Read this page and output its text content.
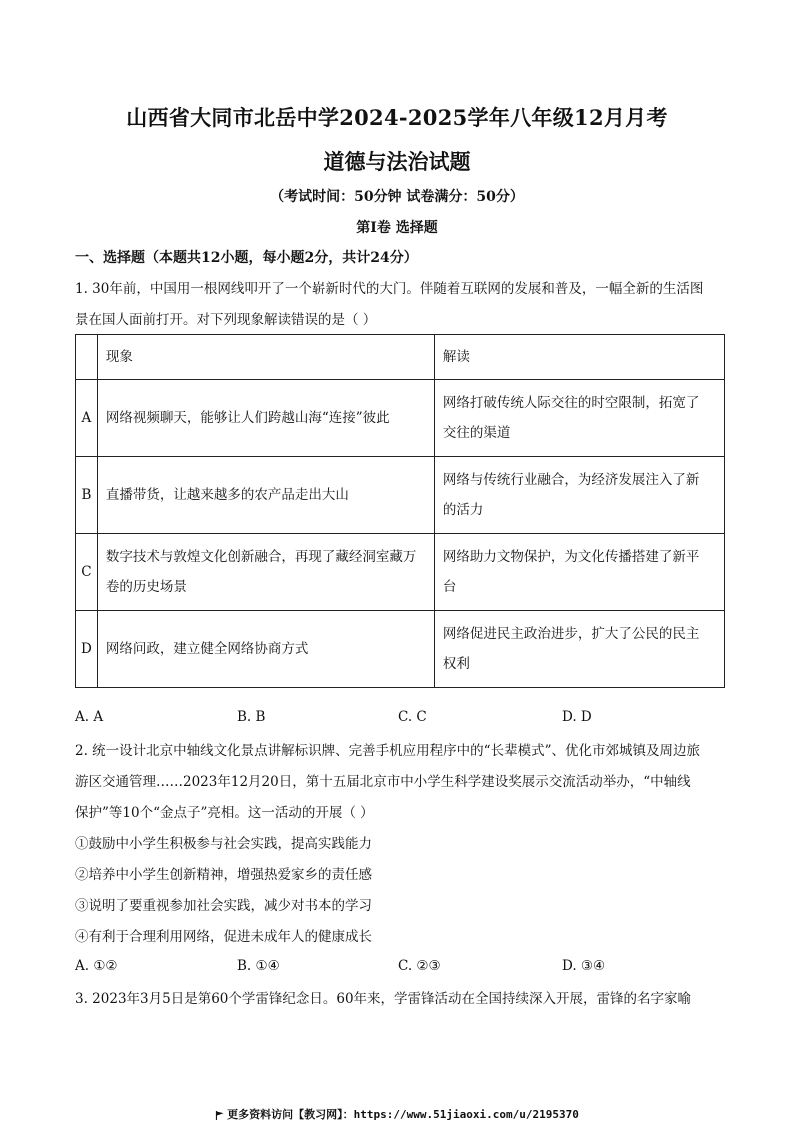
山西省大同市北岳中学2024-2025学年八年级12月月考
道德与法治试题
（考试时间：50分钟 试卷满分：50分）
第Ⅰ卷 选择题
一、选择题（本题共12小题，每小题2分，共计24分）
1. 30年前，中国用一根网线叩开了一个崭新时代的大门。伴随着互联网的发展和普及，一幅全新的生活图
景在国人面前打开。对下列现象解读错误的是（ ）
	现象	解读
A	网络视频聊天，能够让人们跨越山海“连接”彼此	网络打破传统人际交往的时空限制，拓宽了
交往的渠道
B	直播带货，让越来越多的农产品走出大山	网络与传统行业融合，为经济发展注入了新
的活力
C	数字技术与敦煌文化创新融合，再现了藏经洞室藏万
卷的历史场景	网络助力文物保护，为文化传播搭建了新平
台
D	网络问政，建立健全网络协商方式	网络促进民主政治进步，扩大了公民的民主
权利
A. A	B. B	C. C	D. D
2. 统一设计北京中轴线文化景点讲解标识牌、完善手机应用程序中的“长辈模式”、优化市郊城镇及周边旅
游区交通管理……2023年12月20日，第十五届北京市中小学生科学建设奖展示交流活动举办，“中轴线
保护”等10个“金点子”亮相。这一活动的开展（ ）
①鼓励中小学生积极参与社会实践，提高实践能力
②培养中小学生创新精神，增强热爱家乡的责任感
③说明了要重视参加社会实践，减少对书本的学习
④有利于合理利用网络，促进未成年人的健康成长
A. ①②	B. ①④	C. ②③	D. ③④
3. 2023年3月5日是第60个学雷锋纪念日。60年来，学雷锋活动在全国持续深入开展，雷锋的名字家喻
更多资料访问【教习网】：https://www.51jiaoxi.com/u/2195370
